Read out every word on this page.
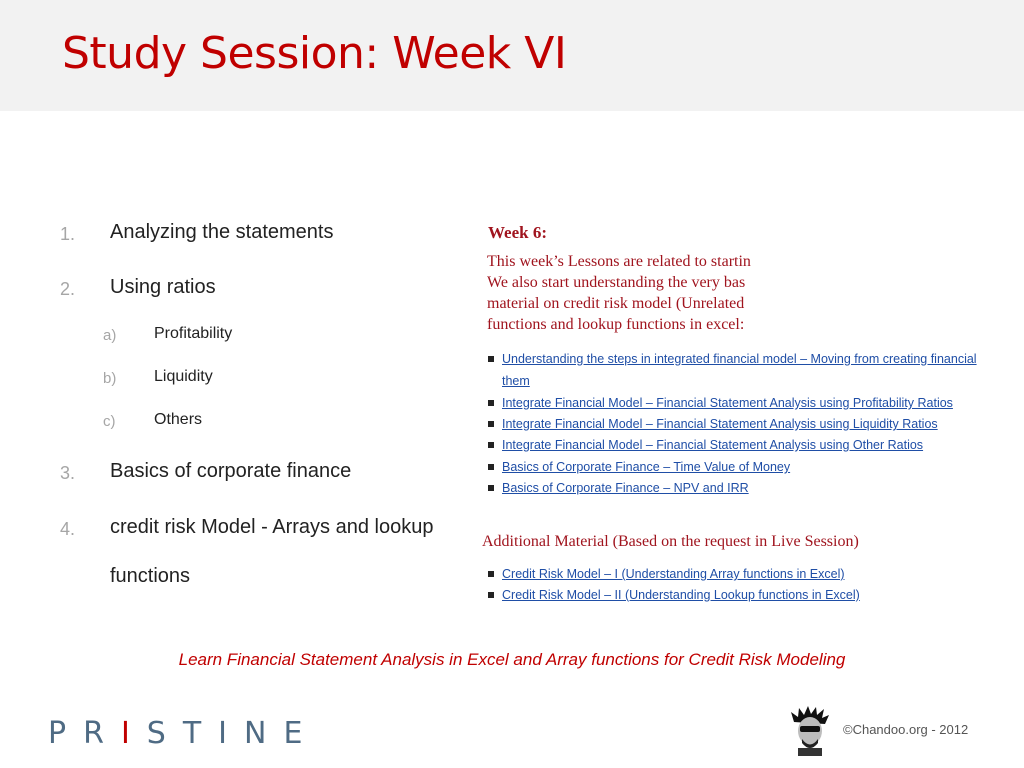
Study Session: Week VI
1. Analyzing the statements
2. Using ratios
a) Profitability
b) Liquidity
c) Others
3. Basics of corporate finance
4. credit risk Model - Arrays and lookup
functions
Week 6:
This week’s Lessons are related to startin
We also start understanding the very bas
material on credit risk model (Unrelated
functions and lookup functions in excel:
Understanding the steps in integrated financial model – Moving from creating financial
them
Integrate Financial Model – Financial Statement Analysis using Profitability Ratios
Integrate Financial Model – Financial Statement Analysis using Liquidity Ratios
Integrate Financial Model – Financial Statement Analysis using Other Ratios
Basics of Corporate Finance – Time Value of Money
Basics of Corporate Finance – NPV and IRR
Additional Material (Based on the request in Live Session)
Credit Risk Model – I (Understanding Array functions in Excel)
Credit Risk Model – II (Understanding Lookup functions in Excel)
Learn Financial Statement Analysis in Excel and Array functions for Credit Risk Modeling
PRISTINE	©Chandoo.org - 2012
